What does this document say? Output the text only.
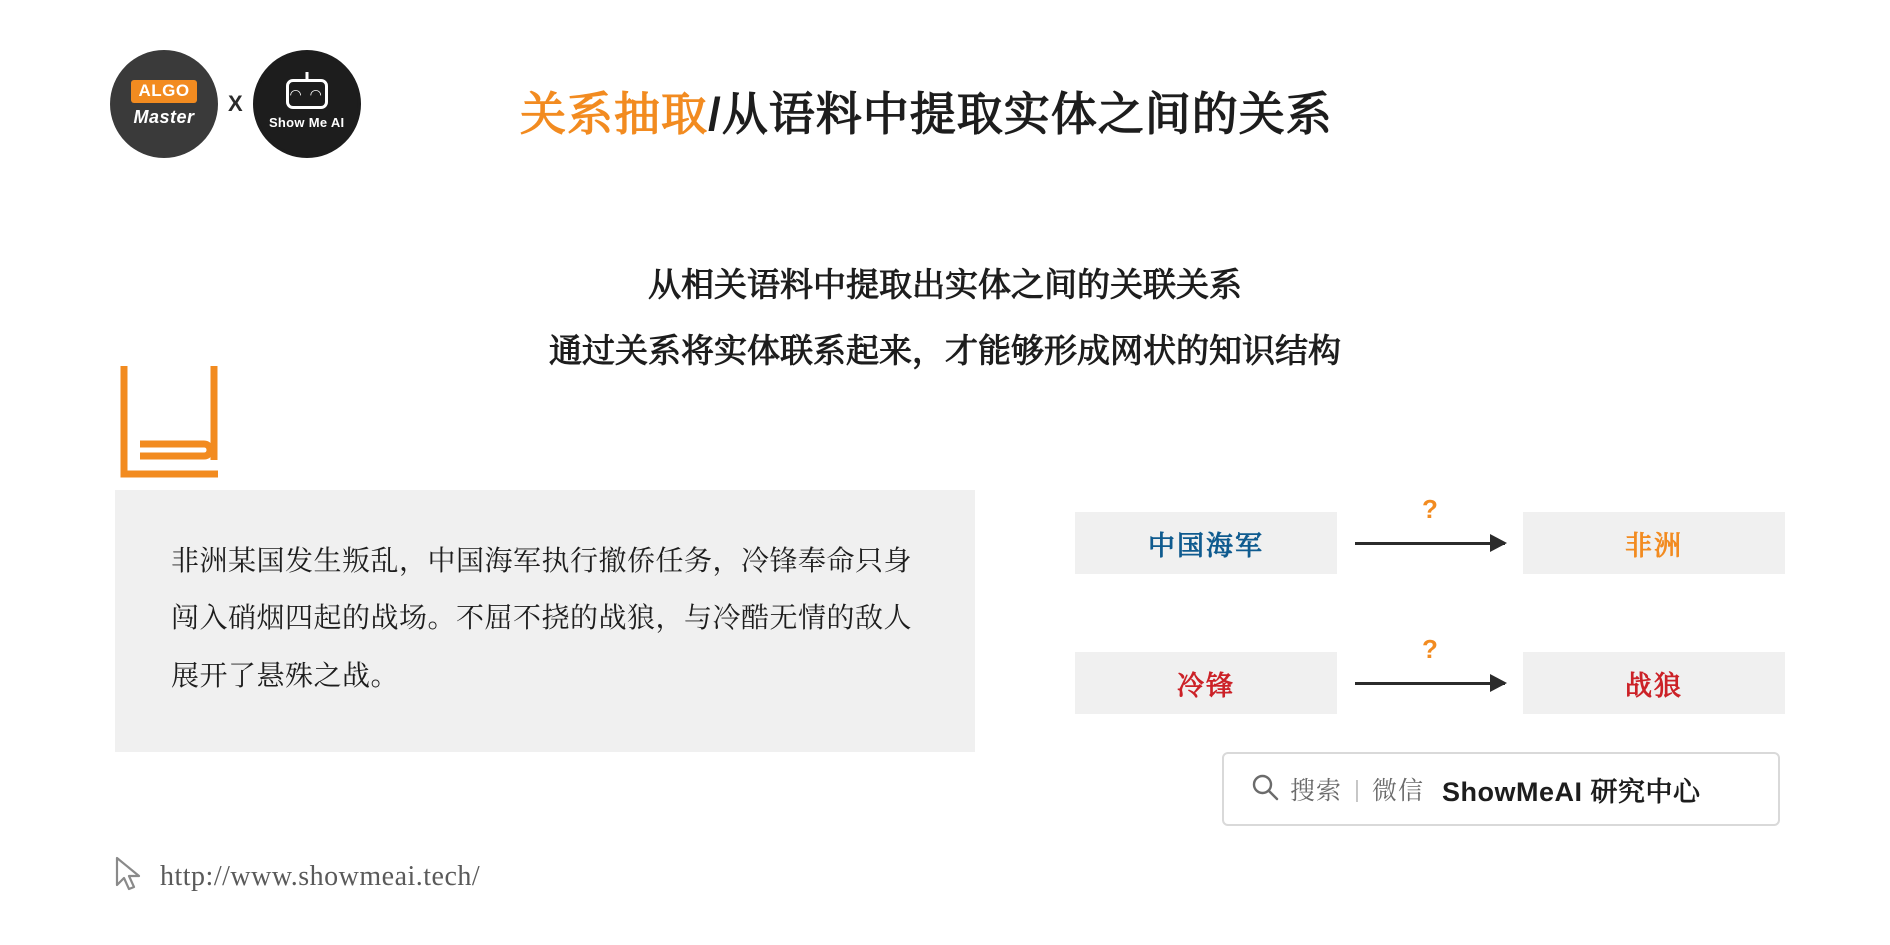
ALGO
Master
X	◠ ◠
Show Me AI	关系抽取/从语料中提取实体之间的关系
从相关语料中提取出实体之间的关联关系
通过关系将实体联系起来，才能够形成网状的知识结构
非洲某国发生叛乱，中国海军执行撤侨任务，冷锋奉命只身闯入硝烟四起的战场。不屈不挠的战狼，与冷酷无情的敌人展开了悬殊之战。
中国海军
?
非洲
冷锋
?
战狼
搜索 | 微信 ShowMeAI 研究中心
http://www.showmeai.tech/
